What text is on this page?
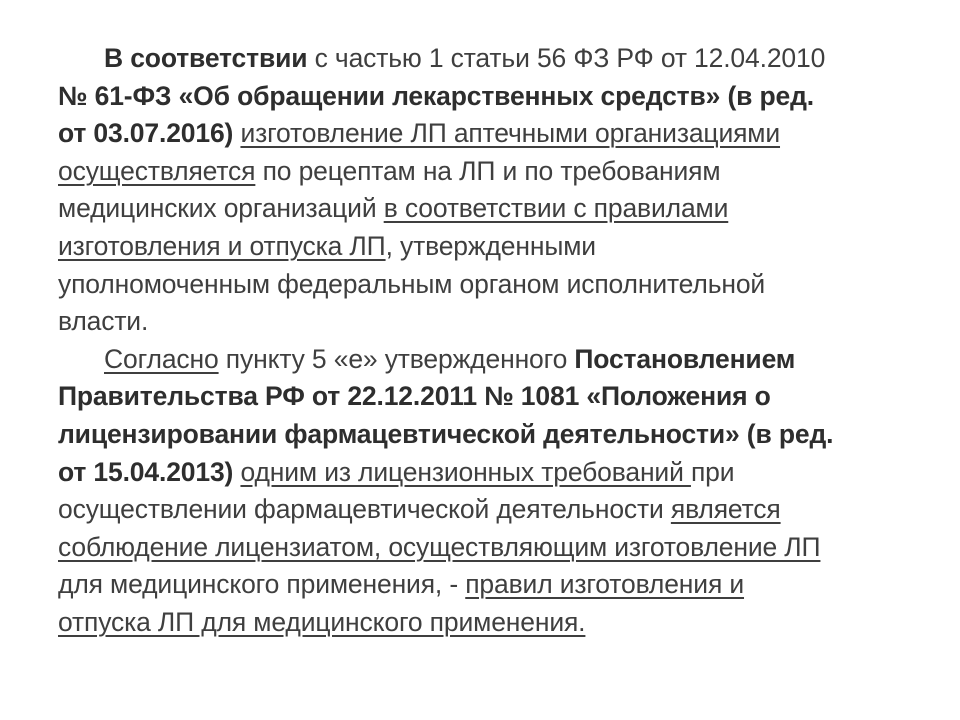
В соответствии с частью 1 статьи 56 ФЗ РФ от 12.04.2010
№ 61-ФЗ «Об обращении лекарственных средств» (в ред.
от 03.07.2016) изготовление ЛП аптечными организациями
осуществляется по рецептам на ЛП и по требованиям
медицинских организаций в соответствии с правилами
изготовления и отпуска ЛП, утвержденными
уполномоченным федеральным органом исполнительной
власти.
Согласно пункту 5 «е» утвержденного Постановлением
Правительства РФ от 22.12.2011 № 1081 «Положения о
лицензировании фармацевтической деятельности» (в ред.
от 15.04.2013) одним из лицензионных требований при
осуществлении фармацевтической деятельности является
соблюдение лицензиатом, осуществляющим изготовление ЛП
для медицинского применения, - правил изготовления и
отпуска ЛП для медицинского применения.
